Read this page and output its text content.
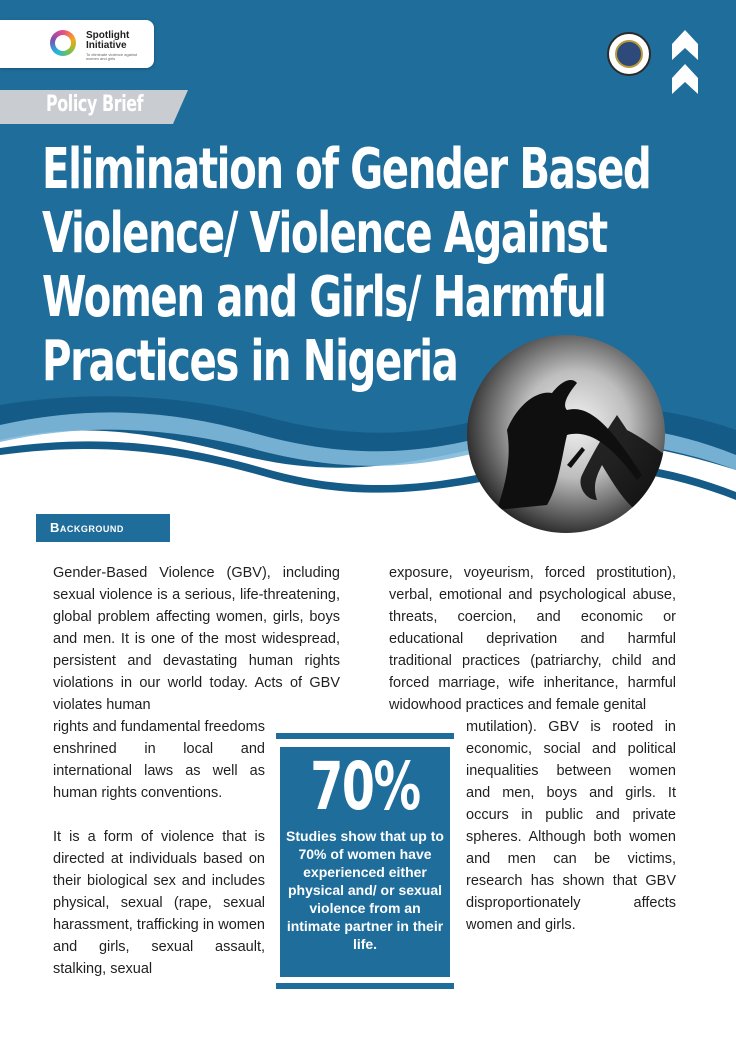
Spotlight
Initiative
To eliminate violence against women and girls
Policy Brief
Elimination of Gender Based
Violence/ Violence Against
Women and Girls/ Harmful
Practices in Nigeria
Background

Gender-Based Violence (GBV), including sexual violence is a serious, life-threatening, global problem affecting women, girls, boys and men. It is one of the most widespread, persistent and devastating human rights violations in our world today. Acts of GBV violates human

rights and fundamental freedoms enshrined in local and international laws as well as human rights conventions.

It is a form of violence that is directed at individuals based on their biological sex and includes physical, sexual (rape, sexual harassment, trafficking in women and girls, sexual assault, stalking, sexual

exposure, voyeurism, forced prostitution), verbal, emotional and psychological abuse, threats, coercion, and economic or educational deprivation and harmful traditional practices (patriarchy, child and forced marriage, wife inheritance, harmful widowhood practices and female genital

mutilation). GBV is rooted in economic, social and political inequalities between women and men, boys and girls. It occurs in public and private spheres. Although both women and men can be victims, research has shown that GBV disproportionately affects women and girls.

70%
Studies show that up to 70% of women have experienced either physical and/ or sexual violence from an intimate partner in their life.
